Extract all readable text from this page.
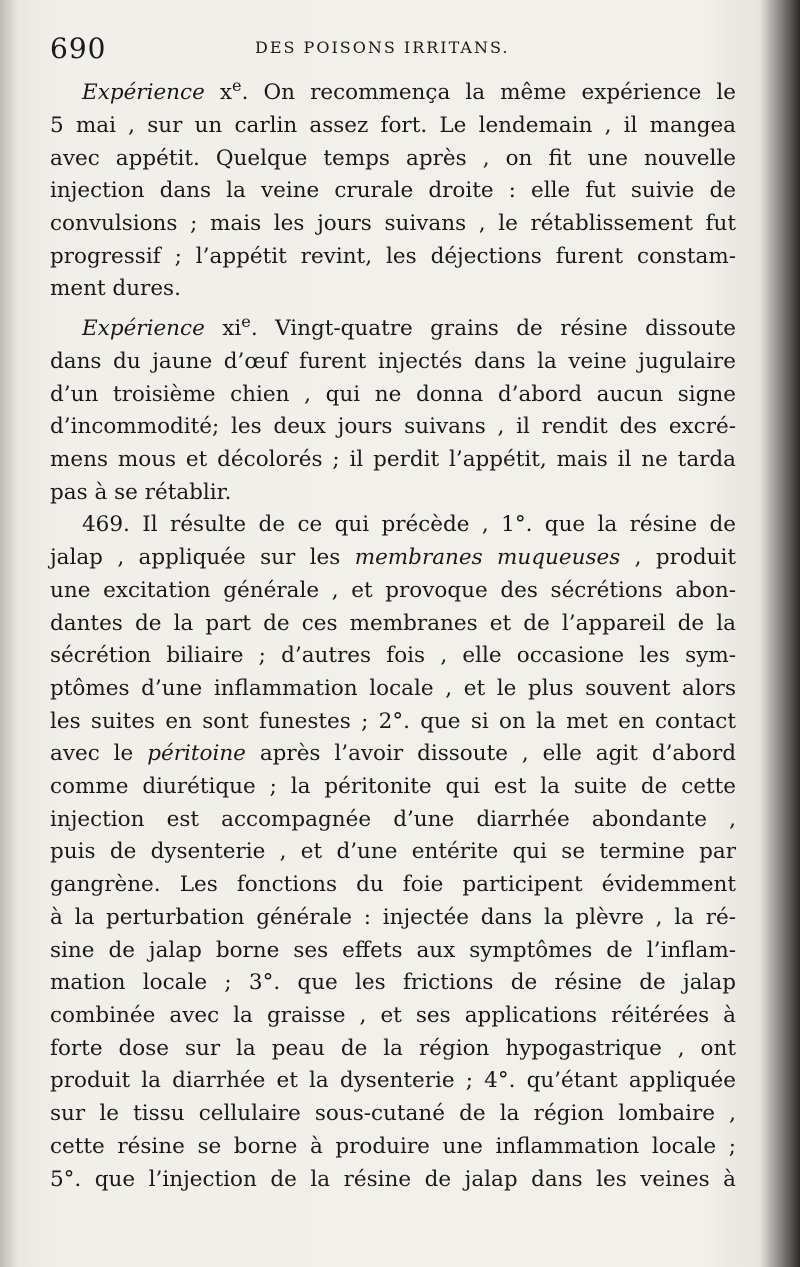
690	DES POISONS IRRITANS.
Expérience $x^e$. On recommença la même expérience le
5 mai , sur un carlin assez fort. Le lendemain , il mangea
avec appétit. Quelque temps après , on fit une nouvelle
injection dans la veine crurale droite : elle fut suivie de
convulsions ; mais les jours suivans , le rétablissement fut
progressif ; l’appétit revint, les déjections furent constam-
ment dures.
Expérience $xi^e$. Vingt-quatre grains de résine dissoute
dans du jaune d’œuf furent injectés dans la veine jugulaire
d’un troisième chien , qui ne donna d’abord aucun signe
d’incommodité; les deux jours suivans , il rendit des excré-
mens mous et décolorés ; il perdit l’appétit, mais il ne tarda
pas à se rétablir.
469. Il résulte de ce qui précède , 1°. que la résine de
jalap , appliquée sur les membranes muqueuses , produit
une excitation générale , et provoque des sécrétions abon-
dantes de la part de ces membranes et de l’appareil de la
sécrétion biliaire ; d’autres fois , elle occasione les sym-
ptômes d’une inflammation locale , et le plus souvent alors
les suites en sont funestes ; 2°. que si on la met en contact
avec le péritoine après l’avoir dissoute , elle agit d’abord
comme diurétique ; la péritonite qui est la suite de cette
injection est accompagnée d’une diarrhée abondante ,
puis de dysenterie , et d’une entérite qui se termine par
gangrène. Les fonctions du foie participent évidemment
à la perturbation générale : injectée dans la plèvre , la ré-
sine de jalap borne ses effets aux symptômes de l’inflam-
mation locale ; 3°. que les frictions de résine de jalap
combinée avec la graisse , et ses applications réitérées à
forte dose sur la peau de la région hypogastrique , ont
produit la diarrhée et la dysenterie ; 4°. qu’étant appliquée
sur le tissu cellulaire sous-cutané de la région lombaire ,
cette résine se borne à produire une inflammation locale ;
5°. que l’injection de la résine de jalap dans les veines à
